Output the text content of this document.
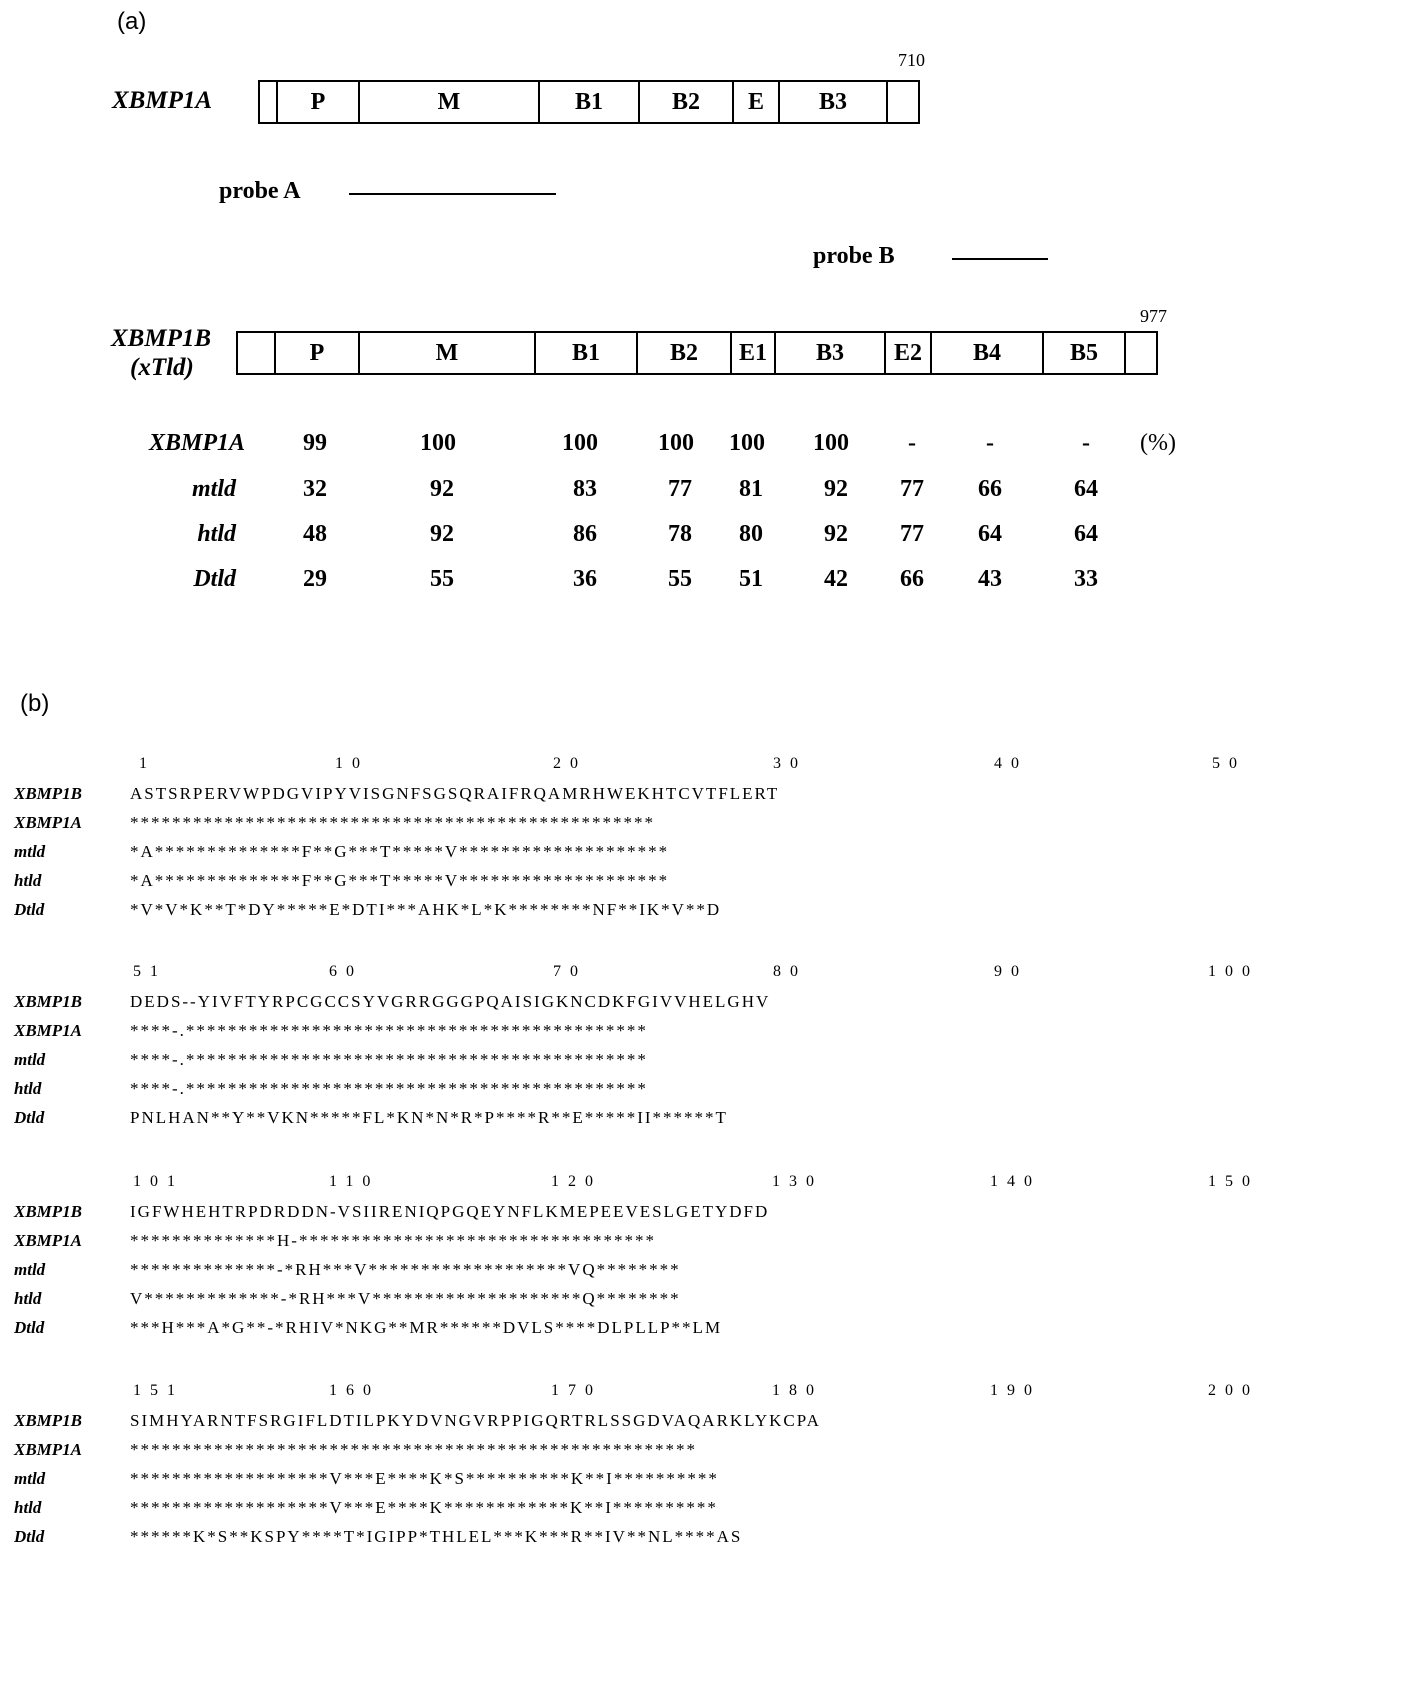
(a)
XBMP1A
710
P	M	B1	B2	E	B3
probe A
probe B
XBMP1B
(xTld)
977
P	M	B1	B2	E1	B3	E2	B4	B5
XBMP1A	99	100	100	100	100	100	-	-	-	(%)
mtld	32	92	83	77	81	92	77	66	64
htld	48	92	86	78	80	92	77	64	64
Dtld	29	55	36	55	51	42	66	43	33
(b)
1	10	20	30	40	50
XBMP1B	ASTSRPERVWPDGVIPYVISGNFSGSQRAIFRQAMRHWEKHTCVTFLERT
XBMP1A	**************************************************
mtld	*A**************F**G***T*****V********************
htld	*A**************F**G***T*****V********************
Dtld	*V*V*K**T*DY*****E*DTI***AHK*L*K********NF**IK*V**D
51	60	70	80	90	100
XBMP1B	DEDS--YIVFTYRPCGCCSYVGRRGGGPQAISIGKNCDKFGIVVHELGHV
XBMP1A	****-.********************************************
mtld	****-.********************************************
htld	****-.********************************************
Dtld	PNLHAN**Y**VKN*****FL*KN*N*R*P****R**E*****II******T
101	110	120	130	140	150
XBMP1B	IGFWHEHTRPDRDDN-VSIIRENIQPGQEYNFLKMEPEEVESLGETYDFD
XBMP1A	**************H-**********************************
mtld	**************-*RH***V*******************VQ********
htld	V*************-*RH***V********************Q********
Dtld	***H***A*G**-*RHIV*NKG**MR******DVLS****DLPLLP**LM
151	160	170	180	190	200
XBMP1B	SIMHYARNTFSRGIFLDTILPKYDVNGVRPPIGQRTRLSSGDVAQARKLYKCPA
XBMP1A	******************************************************
mtld	*******************V***E****K*S**********K**I**********
htld	*******************V***E****K************K**I**********
Dtld	******K*S**KSPY****T*IGIPP*THLEL***K***R**IV**NL****AS
